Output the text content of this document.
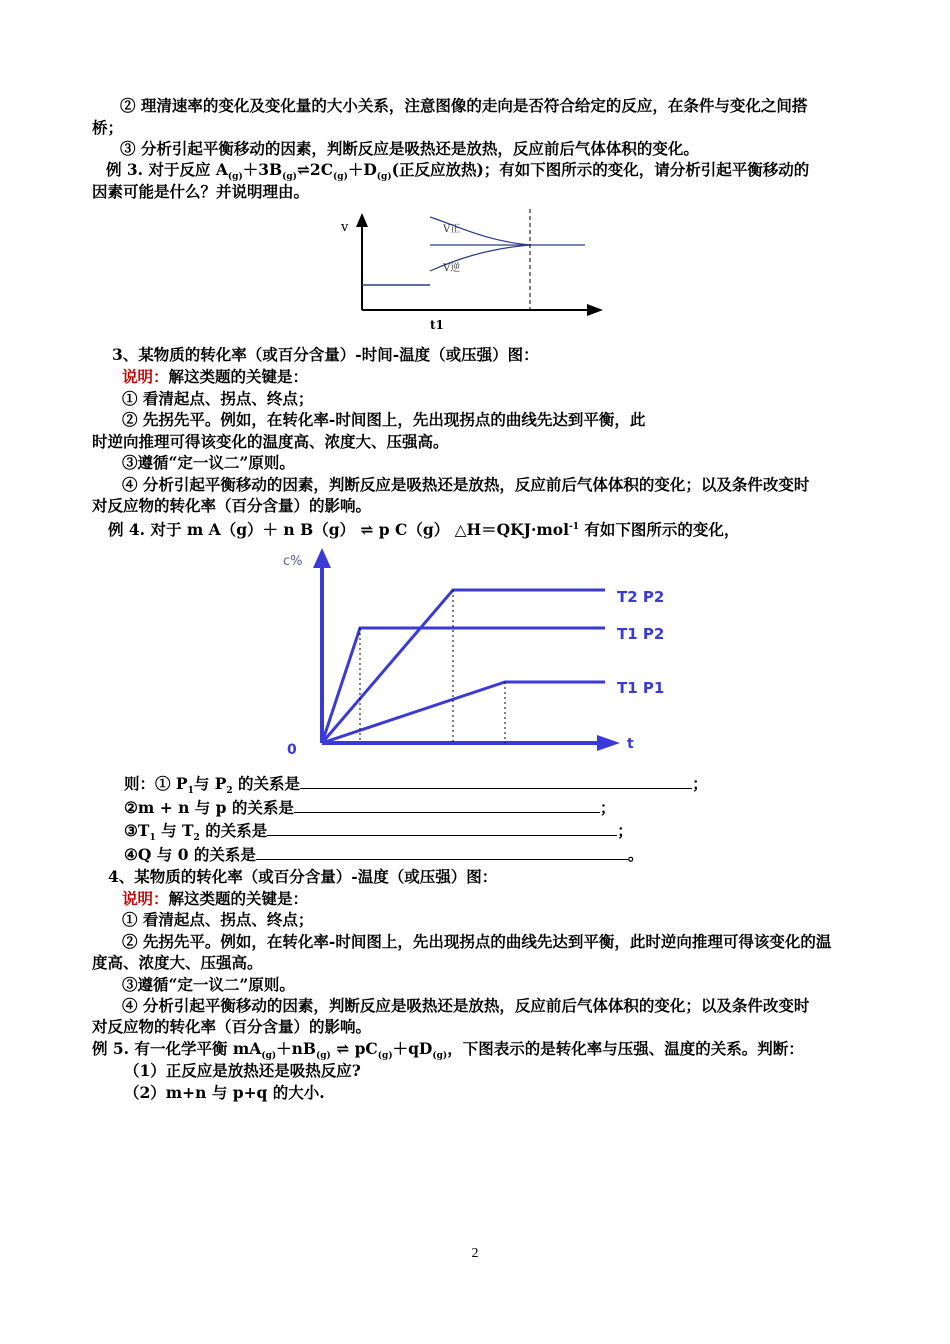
② 理清速率的变化及变化量的大小关系，注意图像的走向是否符合给定的反应，在条件与变化之间搭
桥；
③ 分析引起平衡移动的因素，判断反应是吸热还是放热，反应前后气体体积的变化。
例 3. 对于反应 $A_{(g)}+3B_{(g)}\rightleftharpoons 2C_{(g)}+D_{(g)}$(正反应放热)；有如下图所示的变化，请分析引起平衡移动的
因素可能是什么？并说明理由。
v	V正
V逆
t1
3、某物质的转化率（或百分含量）-时间-温度（或压强）图：
说明：解这类题的关键是：
① 看清起点、拐点、终点；
② 先拐先平。例如，在转化率-时间图上，先出现拐点的曲线先达到平衡，此
时逆向推理可得该变化的温度高、浓度大、压强高。
③遵循“定一议二”原则。
④ 分析引起平衡移动的因素，判断反应是吸热还是放热，反应前后气体体积的变化；以及条件改变时
对反应物的转化率（百分含量）的影响。
例 4. 对于 m A（g）＋ n B（g） ⇌ p C（g） △H＝QKJ·mol$^{-1}$ 有如下图所示的变化，
c%
0	t
T2 P2
T1 P2
T1 P1
则：① $P_1$与 $P_2$ 的关系是	；
②m + n 与 p 的关系是	；
$③T_1$ 与 $T_2$ 的关系是	；
④Q 与 0 的关系是	。
4、某物质的转化率（或百分含量）-温度（或压强）图：
说明：解这类题的关键是：
① 看清起点、拐点、终点；
② 先拐先平。例如，在转化率-时间图上，先出现拐点的曲线先达到平衡，此时逆向推理可得该变化的温
度高、浓度大、压强高。
③遵循“定一议二”原则。
④ 分析引起平衡移动的因素，判断反应是吸热还是放热，反应前后气体体积的变化；以及条件改变时
对反应物的转化率（百分含量）的影响。
例 5. 有一化学平衡 $mA_{(g)}+nB_{(g)}$ ⇌ $pC_{(g)}+qD_{(g)}$，下图表示的是转化率与压强、温度的关系。判断：
（1）正反应是放热还是吸热反应?
（2）m+n 与 p+q 的大小.
2
